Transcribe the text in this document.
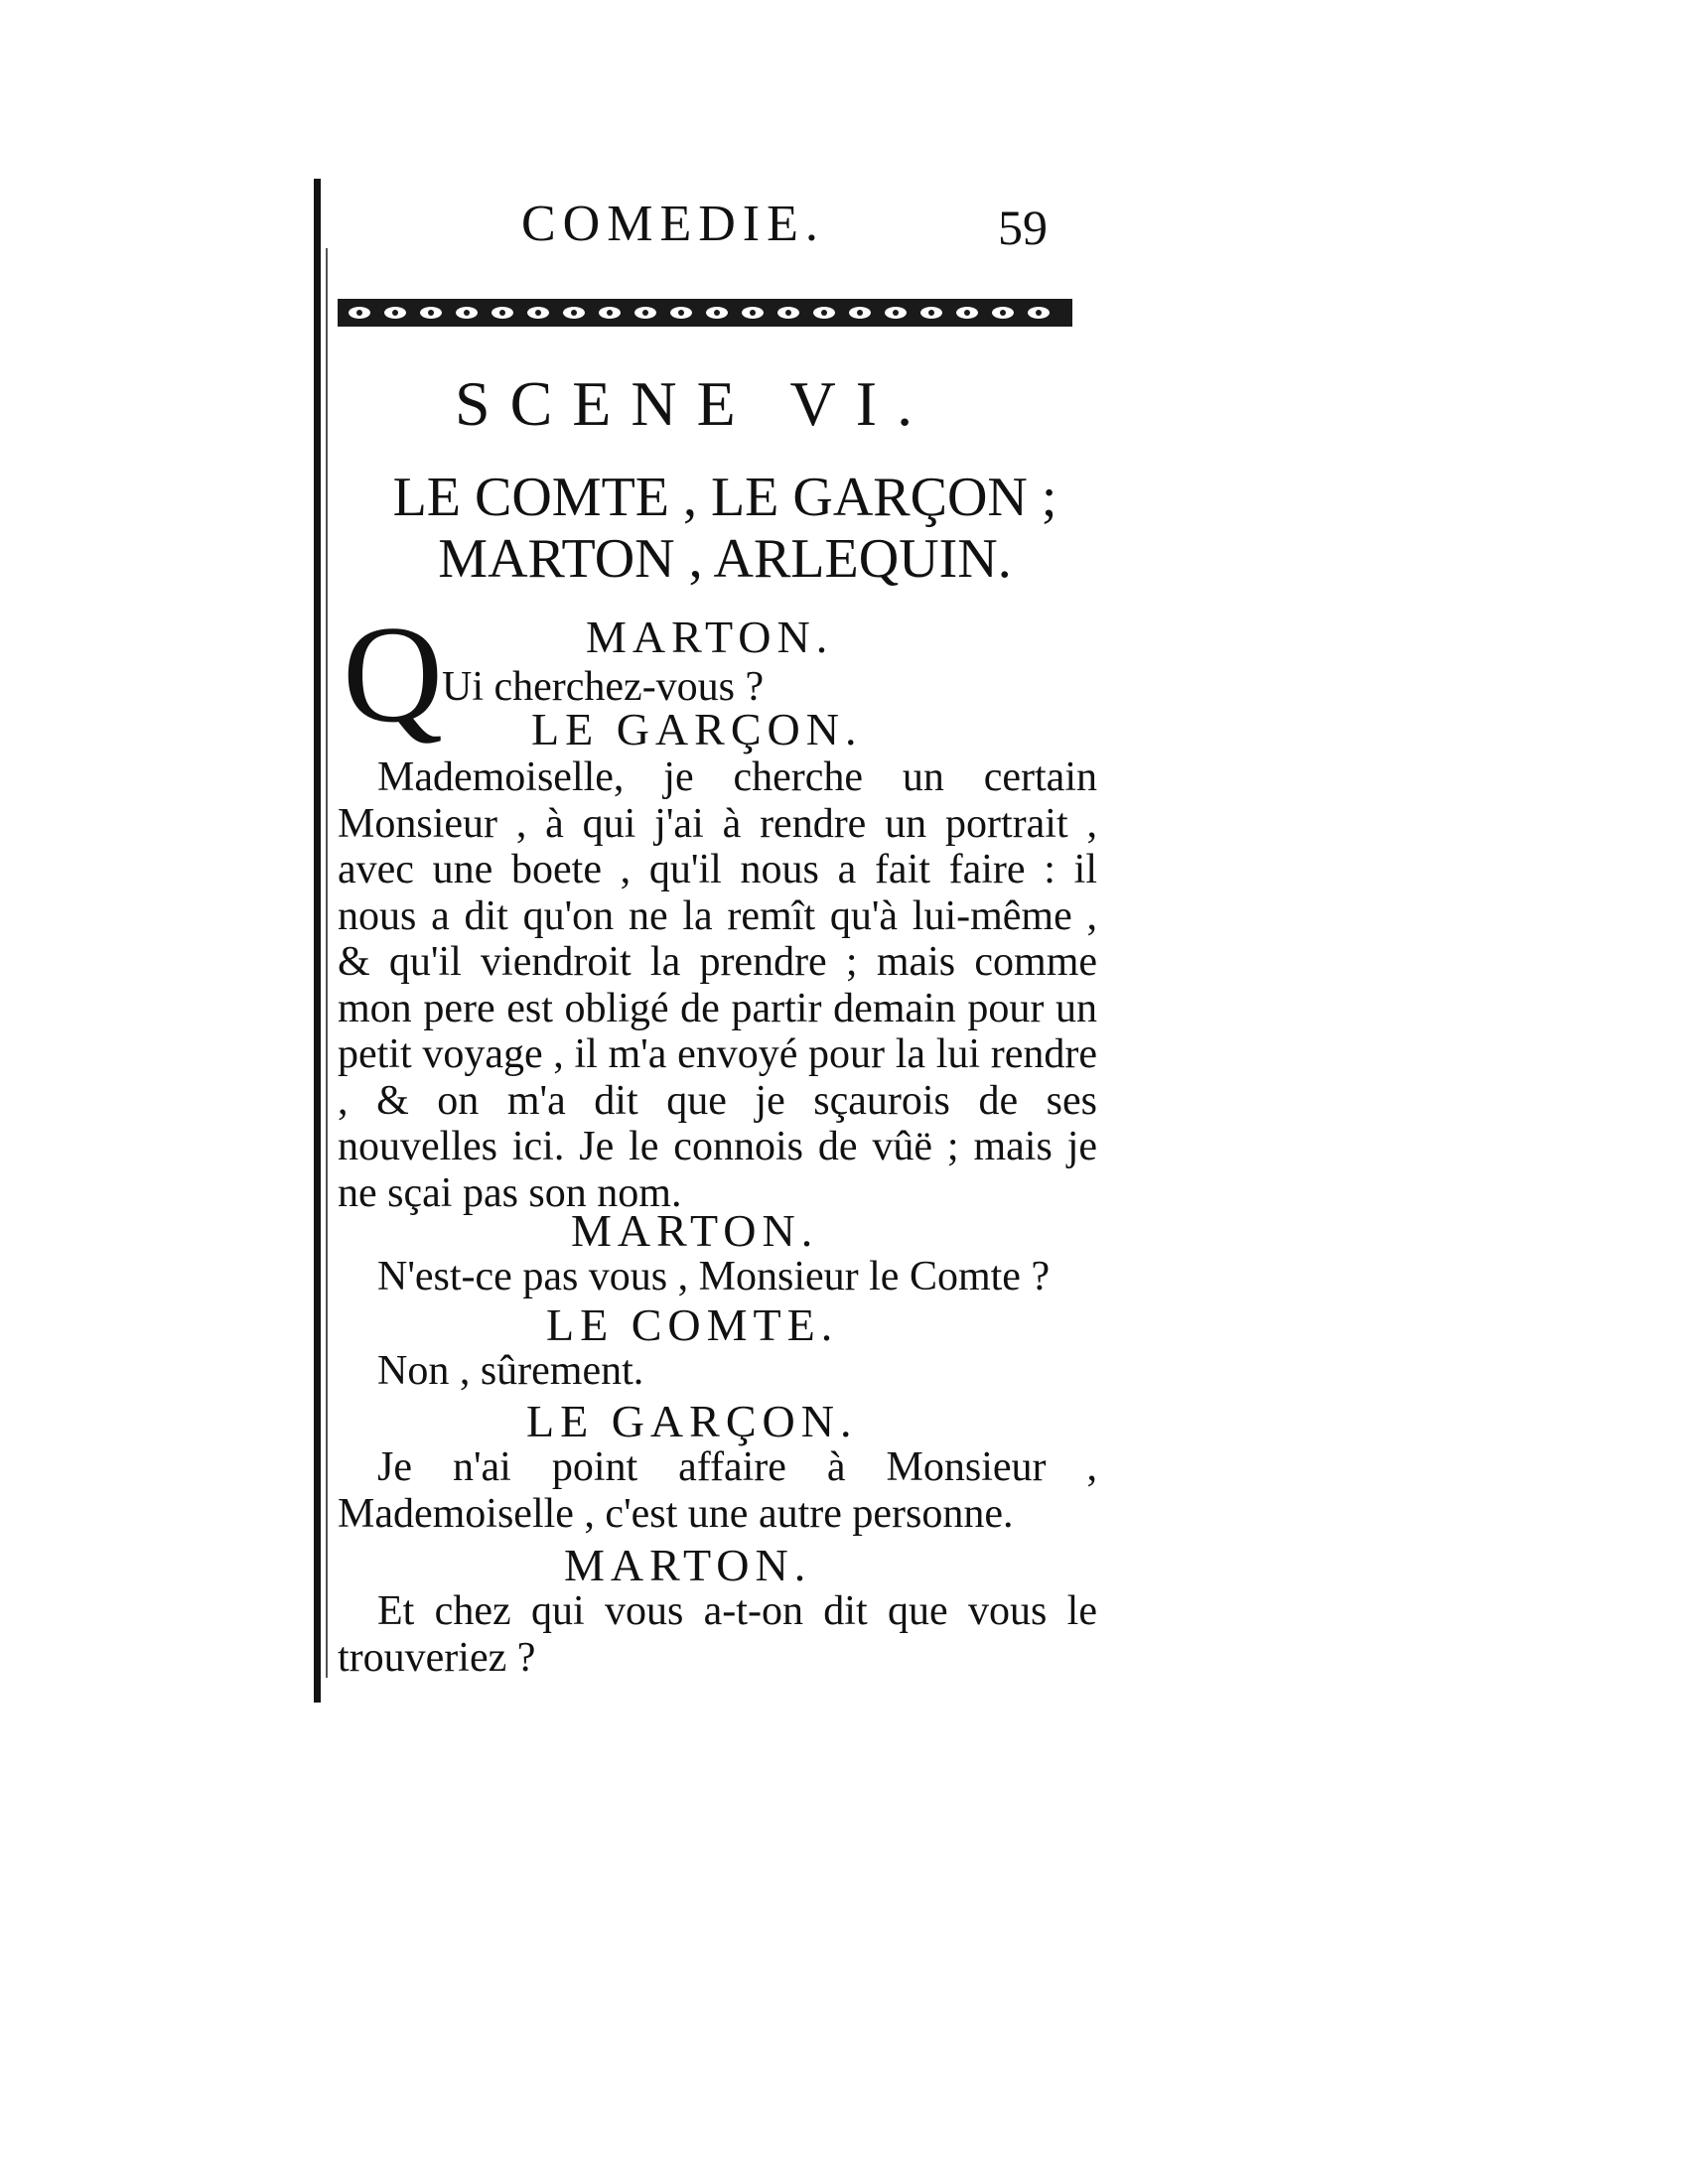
COMEDIE.	59
SCENE VI.
LE COMTE , LE GARÇON ;
MARTON , ARLEQUIN.
MARTON.
Q
Ui cherchez-vous ?
LE GARÇON.
Mademoiselle, je cherche un certain Monsieur , à qui j'ai à rendre un portrait , avec une boete , qu'il nous a fait faire : il nous a dit qu'on ne la remît qu'à lui-même , & qu'il viendroit la prendre ; mais comme mon pere est obligé de partir demain pour un petit voyage , il m'a envoyé pour la lui rendre , & on m'a dit que je sçaurois de ses nouvelles ici. Je le connois de vûë ; mais je ne sçai pas son nom.
MARTON.
N'est-ce pas vous , Monsieur le Comte ?
LE COMTE.
Non , sûrement.
LE GARÇON.
Je n'ai point affaire à Monsieur , Mademoiselle , c'est une autre personne.
MARTON.
Et chez qui vous a-t-on dit que vous le trouveriez ?
